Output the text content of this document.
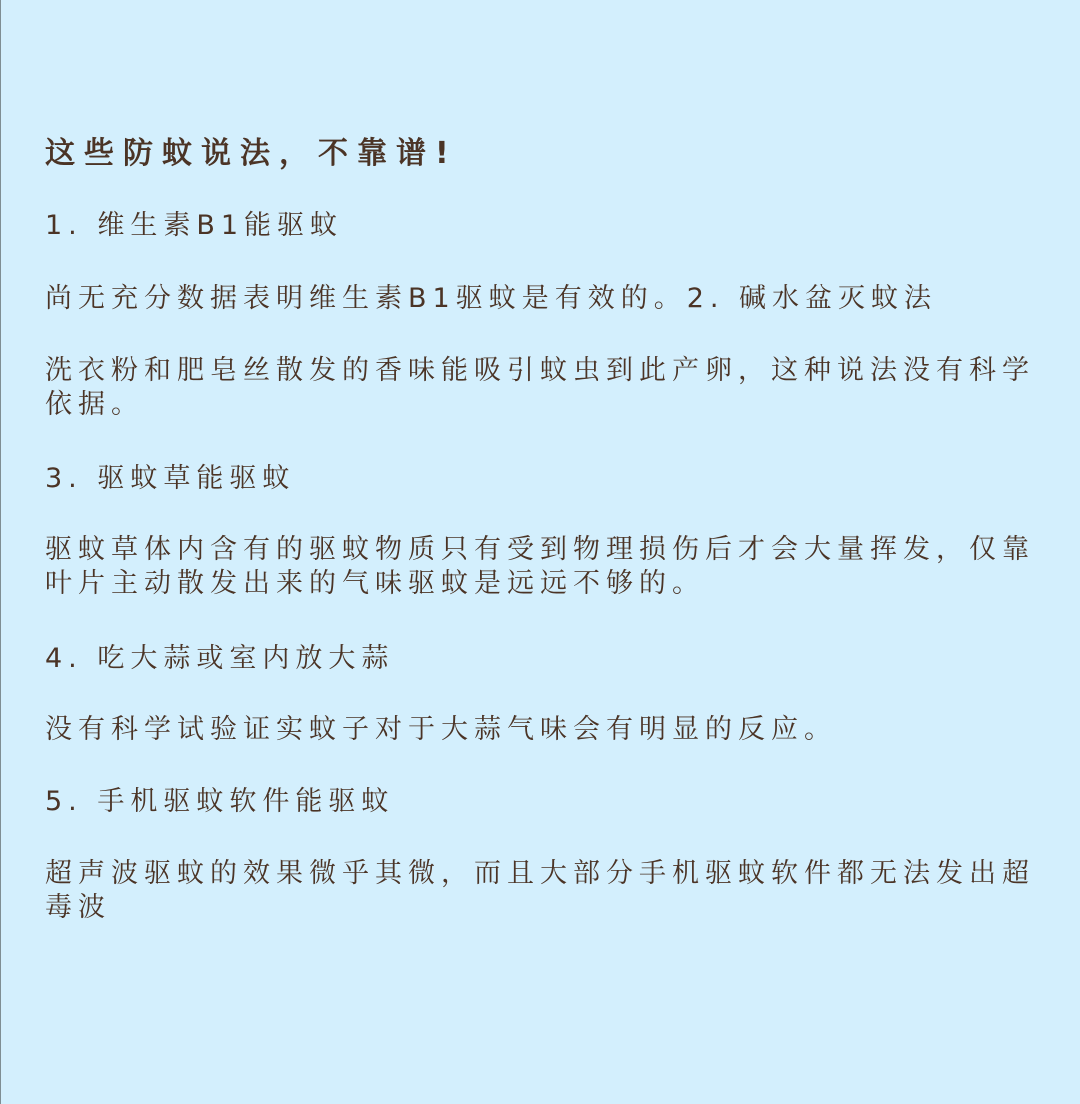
这些防蚊说法，不靠谱!

1. 维生素B1能驱蚊

尚无充分数据表明维生素B1驱蚊是有效的。2. 碱水盆灭蚊法

洗衣粉和肥皂丝散发的香味能吸引蚊虫到此产卵，这种说法没有科学依据。

3. 驱蚊草能驱蚊

驱蚊草体内含有的驱蚊物质只有受到物理损伤后才会大量挥发，仅靠叶片主动散发出来的气味驱蚊是远远不够的。

4. 吃大蒜或室内放大蒜

没有科学试验证实蚊子对于大蒜气味会有明显的反应。

5. 手机驱蚊软件能驱蚊

超声波驱蚊的效果微乎其微，而且大部分手机驱蚊软件都无法发出超毒波
